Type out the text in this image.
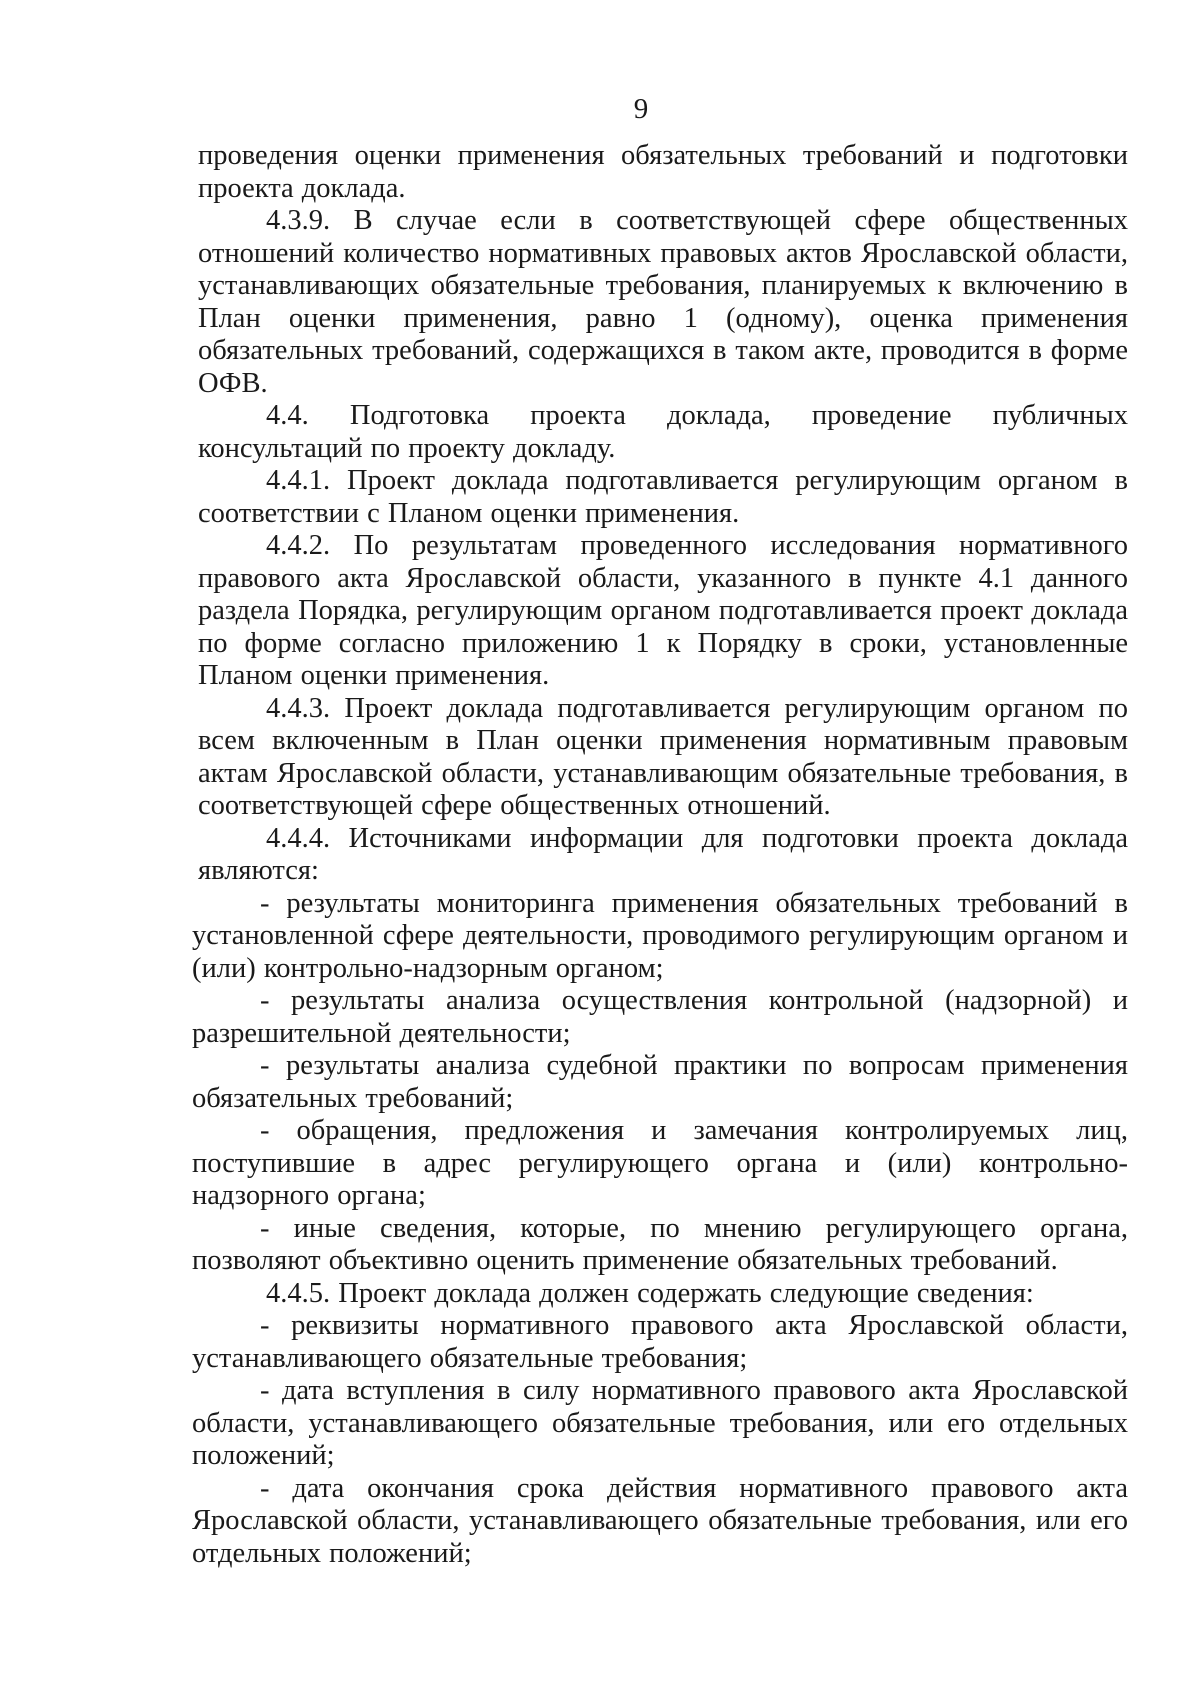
9

проведения оценки применения обязательных требований и подготовки проекта доклада.

4.3.9. В случае если в соответствующей сфере общественных отношений количество нормативных правовых актов Ярославской области, устанавливающих обязательные требования, планируемых к включению в План оценки применения, равно 1 (одному), оценка применения обязательных требований, содержащихся в таком акте, проводится в форме ОФВ.

4.4. Подготовка проекта доклада, проведение публичных консультаций по проекту докладу.

4.4.1. Проект доклада подготавливается регулирующим органом в соответствии с Планом оценки применения.

4.4.2. По результатам проведенного исследования нормативного правового акта Ярославской области, указанного в пункте 4.1 данного раздела Порядка, регулирующим органом подготавливается проект доклада по форме согласно приложению 1 к Порядку в сроки, установленные Планом оценки применения.

4.4.3. Проект доклада подготавливается регулирующим органом по всем включенным в План оценки применения нормативным правовым актам Ярославской области, устанавливающим обязательные требования, в соответствующей сфере общественных отношений.

4.4.4. Источниками информации для подготовки проекта доклада являются:

- результаты мониторинга применения обязательных требований в установленной сфере деятельности, проводимого регулирующим органом и (или) контрольно-надзорным органом;

- результаты анализа осуществления контрольной (надзорной) и разрешительной деятельности;

- результаты анализа судебной практики по вопросам применения обязательных требований;

- обращения, предложения и замечания контролируемых лиц, поступившие в адрес регулирующего органа и (или) контрольно-надзорного органа;

- иные сведения, которые, по мнению регулирующего органа, позволяют объективно оценить применение обязательных требований.

4.4.5. Проект доклада должен содержать следующие сведения:

- реквизиты нормативного правового акта Ярославской области, устанавливающего обязательные требования;

- дата вступления в силу нормативного правового акта Ярославской области, устанавливающего обязательные требования, или его отдельных положений;

- дата окончания срока действия нормативного правового акта Ярославской области, устанавливающего обязательные требования, или его отдельных положений;
